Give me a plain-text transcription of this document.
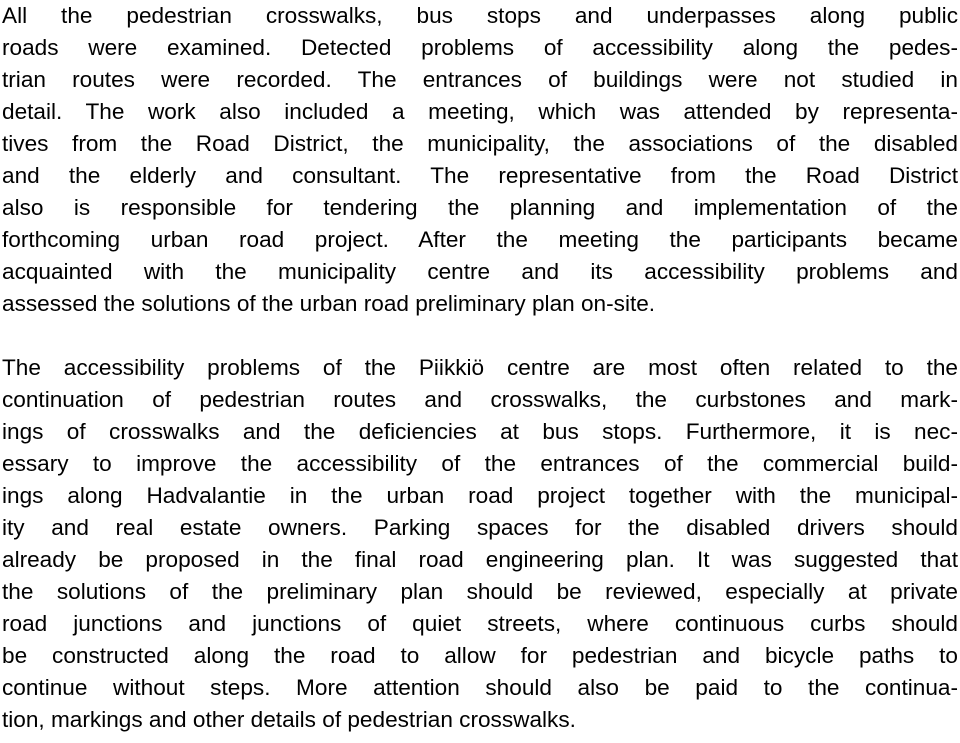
All the pedestrian crosswalks, bus stops and underpasses along public
roads were examined. Detected problems of accessibility along the pedes-
trian routes were recorded. The entrances of buildings were not studied in
detail. The work also included a meeting, which was attended by representa-
tives from the Road District, the municipality, the associations of the disabled
and the elderly and consultant. The representative from the Road District
also is responsible for tendering the planning and implementation of the
forthcoming urban road project. After the meeting the participants became
acquainted with the municipality centre and its accessibility problems and
assessed the solutions of the urban road preliminary plan on-site.
The accessibility problems of the Piikkiö centre are most often related to the
continuation of pedestrian routes and crosswalks, the curbstones and mark-
ings of crosswalks and the deficiencies at bus stops. Furthermore, it is nec-
essary to improve the accessibility of the entrances of the commercial build-
ings along Hadvalantie in the urban road project together with the municipal-
ity and real estate owners. Parking spaces for the disabled drivers should
already be proposed in the final road engineering plan. It was suggested that
the solutions of the preliminary plan should be reviewed, especially at private
road junctions and junctions of quiet streets, where continuous curbs should
be constructed along the road to allow for pedestrian and bicycle paths to
continue without steps. More attention should also be paid to the continua-
tion, markings and other details of pedestrian crosswalks.
